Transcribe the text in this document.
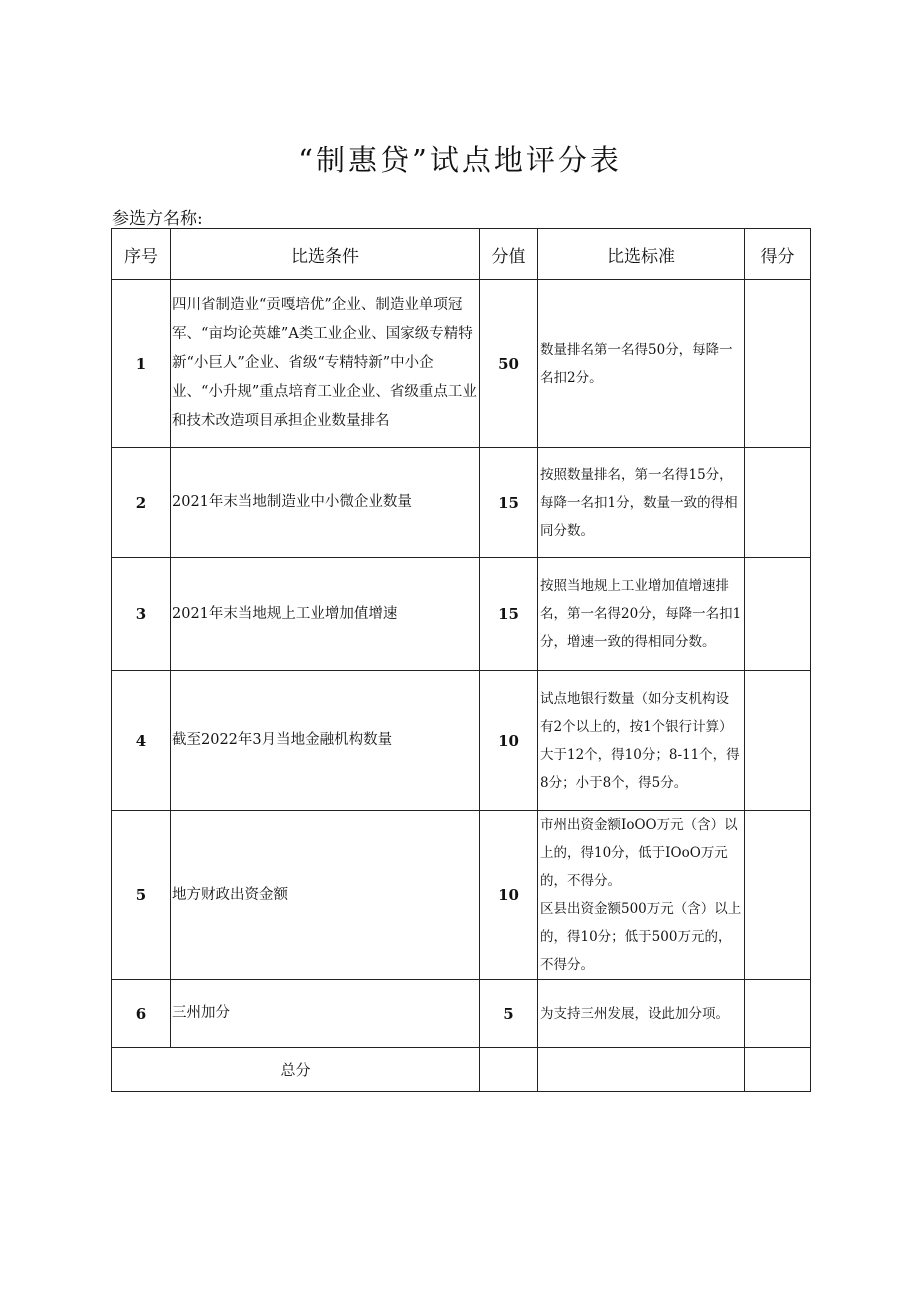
“制惠贷”试点地评分表
参选方名称:
序号	比选条件	分值	比选标准	得分
1	四川省制造业“贡嘎培优”企业、制造业单项冠军、“亩均论英雄”A类工业企业、国家级专精特新“小巨人”企业、省级“专精特新”中小企业、“小升规”重点培育工业企业、省级重点工业和技术改造项目承担企业数量排名	50	数量排名第一名得50分，每降一名扣2分。	
2	2021年末当地制造业中小微企业数量	15	按照数量排名，第一名得15分，每降一名扣1分，数量一致的得相同分数。	
3	2021年末当地规上工业增加值增速	15	按照当地规上工业增加值增速排名，第一名得20分，每降一名扣1分，增速一致的得相同分数。	
4	截至2022年3月当地金融机构数量	10	试点地银行数量（如分支机构设有2个以上的，按1个银行计算）大于12个，得10分；8-11个，得8分；小于8个，得5分。	
5	地方财政出资金额	10	市州出资金额IoOO万元（含）以上的，得10分，低于IOoO万元的，不得分。
区县出资金额500万元（含）以上的，得10分；低于500万元的，不得分。	

6	三州加分	5	为支持三州发展，设此加分项。	
总分				
